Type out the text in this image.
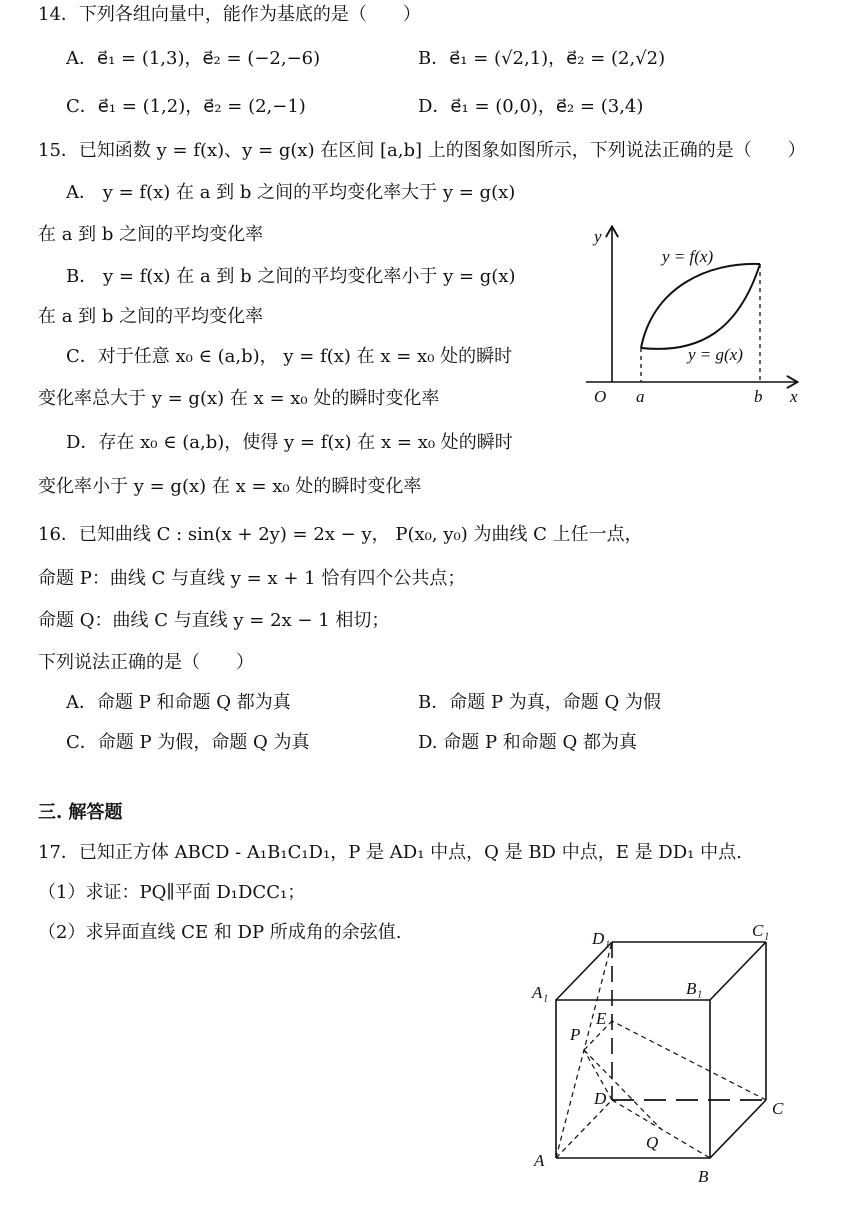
14．下列各组向量中，能作为基底的是（　　）
A．e⃗₁ = (1,3)，e⃗₂ = (−2,−6)	B．e⃗₁ = (√2,1)，e⃗₂ = (2,√2)
C．e⃗₁ = (1,2)，e⃗₂ = (2,−1)	D．e⃗₁ = (0,0)，e⃗₂ = (3,4)
15．已知函数 y = f(x)、y = g(x) 在区间 [a,b] 上的图象如图所示，下列说法正确的是（　　）
A． y = f(x) 在 a 到 b 之间的平均变化率大于 y = g(x)
在 a 到 b 之间的平均变化率
B． y = f(x) 在 a 到 b 之间的平均变化率小于 y = g(x)
在 a 到 b 之间的平均变化率
C．对于任意 x₀ ∈ (a,b)， y = f(x) 在 x = x₀ 处的瞬时
变化率总大于 y = g(x) 在 x = x₀ 处的瞬时变化率
D．存在 x₀ ∈ (a,b)，使得 y = f(x) 在 x = x₀ 处的瞬时
变化率小于 y = g(x) 在 x = x₀ 处的瞬时变化率
y
x
O a	b
y = f(x)
y = g(x)
16．已知曲线 C : sin(x + 2y) = 2x − y， P(x₀, y₀) 为曲线 C 上任一点，
命题 P：曲线 C 与直线 y = x + 1 恰有四个公共点；
命题 Q：曲线 C 与直线 y = 2x − 1 相切；
下列说法正确的是（　　）
A．命题 P 和命题 Q 都为真	B．命题 P 为真，命题 Q 为假
C．命题 P 为假，命题 Q 为真	D. 命题 P 和命题 Q 都为真
三. 解答题
17．已知正方体 ABCD - A₁B₁C₁D₁，P 是 AD₁ 中点，Q 是 BD 中点，E 是 DD₁ 中点.
（1）求证：PQ∥平面 D₁DCC₁；
（2）求异面直线 CE 和 DP 所成角的余弦值.
A
B
C
D
A₁	B₁
C₁
D₁
P
Q
E
